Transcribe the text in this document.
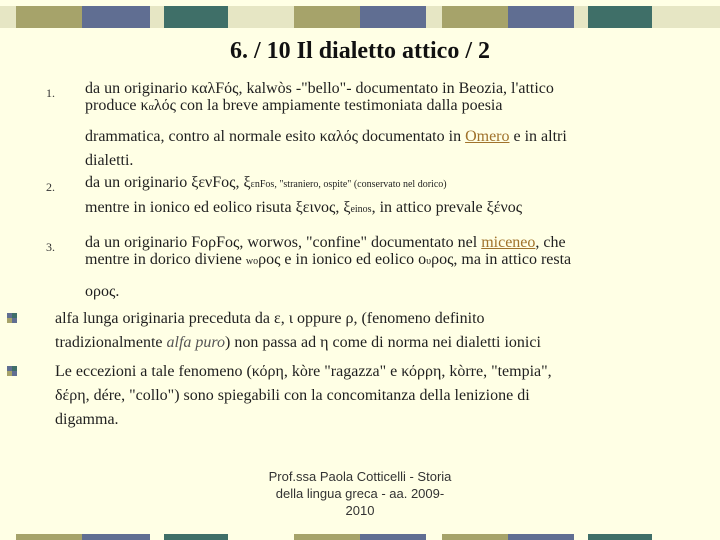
6. / 10 Il dialetto attico / 2
1. da un originario καλFός, kalwòs -"bello"- documentato in Beozia, l'attico
produce καλός con la breve ampiamente testimoniata dalla poesia
drammatica, contro al normale esito καλός documentato in Omero e in altri
dialetti.
2. da un originario ξενFος, ξεnFos, "straniero, ospite" (conservato nel dorico)
mentre in ionico ed eolico risuta ξεινος, ξeinos, in attico prevale ξένος
3. da un originario FoρFος, worwos, "confine" documentato nel miceneo, che
mentre in dorico diviene woρος e in ionico ed eolico ουρος, ma in attico resta
ορος.
alfa lunga originaria preceduta da ε, ι oppure ρ, (fenomeno definito
tradizionalmente alfa puro) non passa ad η come di norma nei dialetti ionici
Le eccezioni a tale fenomeno (κόρη, kòre "ragazza" e κόρρη, kòrre, "tempia",
δέρη, dére, "collo") sono spiegabili con la concomitanza della lenizione di
digamma.
Prof.ssa Paola Cotticelli - Storia
della lingua greca - aa. 2009-
2010
